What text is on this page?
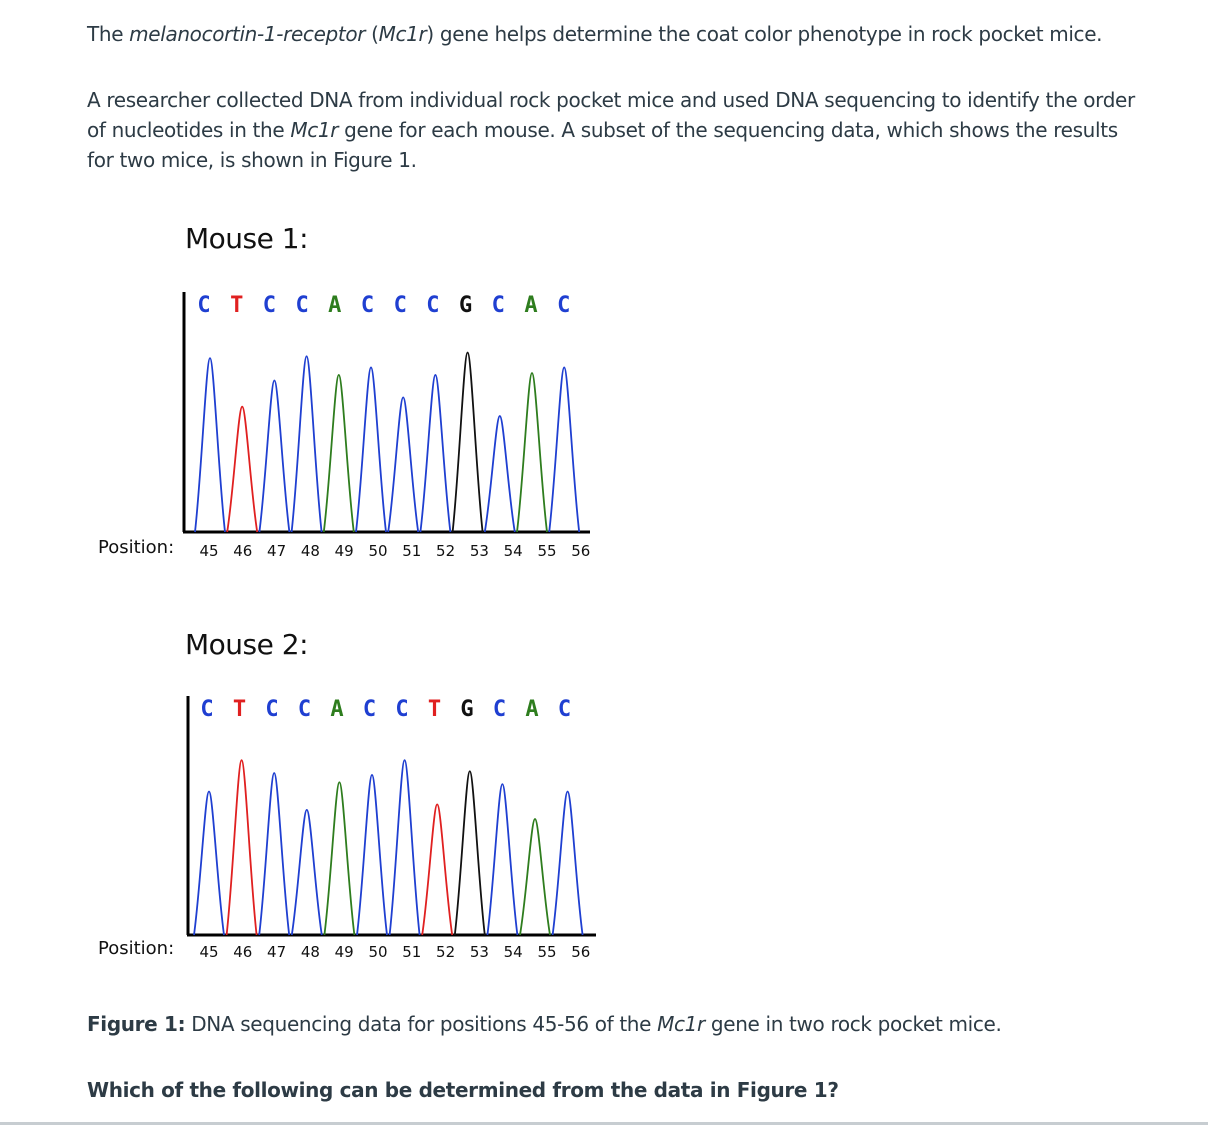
The melanocortin-1-receptor (Mc1r) gene helps determine the coat color phenotype in rock pocket mice.

A researcher collected DNA from individual rock pocket mice and used DNA sequencing to identify the order of nucleotides in the Mc1r gene for each mouse. A subset of the sequencing data, which shows the results for two mice, is shown in Figure 1.

Mouse 1:
C
45
T
46
C
47
C
48
A
49
C
50
C
51
C
52
G
53
C
54
A
55
C
56
Position:
Mouse 2:
C
45
T
46
C
47
C
48
A
49
C
50
C
51
T
52
G
53
C
54
A
55
C
56
Position:

Figure 1: DNA sequencing data for positions 45-56 of the Mc1r gene in two rock pocket mice.

Which of the following can be determined from the data in Figure 1?
